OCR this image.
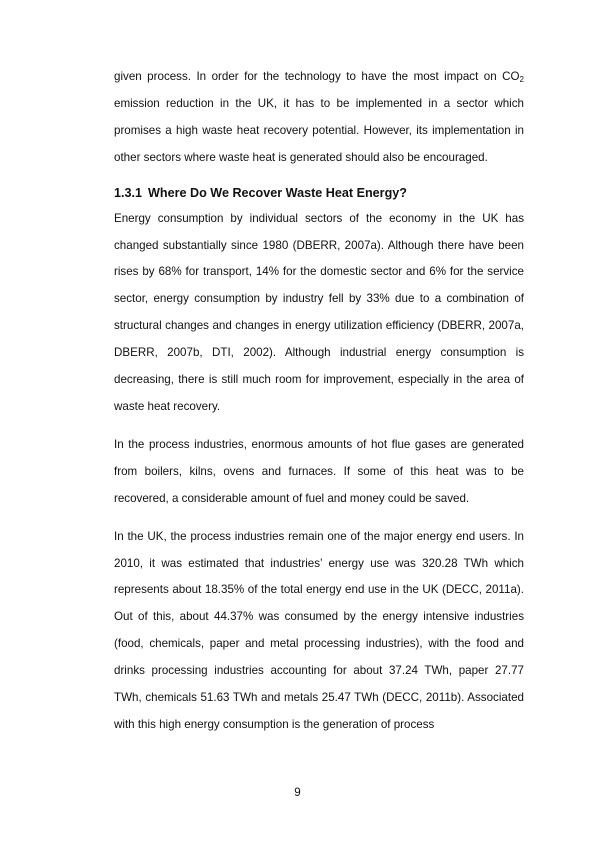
given process. In order for the technology to have the most impact on $CO_2$ emission reduction in the UK, it has to be implemented in a sector which promises a high waste heat recovery potential. However, its implementation in other sectors where waste heat is generated should also be encouraged.

1.3.1 Where Do We Recover Waste Heat Energy?

Energy consumption by individual sectors of the economy in the UK has changed substantially since 1980 (DBERR, 2007a). Although there have been rises by 68% for transport, 14% for the domestic sector and 6% for the service sector, energy consumption by industry fell by 33% due to a combination of structural changes and changes in energy utilization efficiency (DBERR, 2007a, DBERR, 2007b, DTI, 2002). Although industrial energy consumption is decreasing, there is still much room for improvement, especially in the area of waste heat recovery.

In the process industries, enormous amounts of hot flue gases are generated from boilers, kilns, ovens and furnaces. If some of this heat was to be recovered, a considerable amount of fuel and money could be saved.

In the UK, the process industries remain one of the major energy end users. In 2010, it was estimated that industries’ energy use was 320.28 TWh which represents about 18.35% of the total energy end use in the UK (DECC, 2011a). Out of this, about 44.37% was consumed by the energy intensive industries (food, chemicals, paper and metal processing industries), with the food and drinks processing industries accounting for about 37.24 TWh, paper 27.77 TWh, chemicals 51.63 TWh and metals 25.47 TWh (DECC, 2011b). Associated with this high energy consumption is the generation of process

9
